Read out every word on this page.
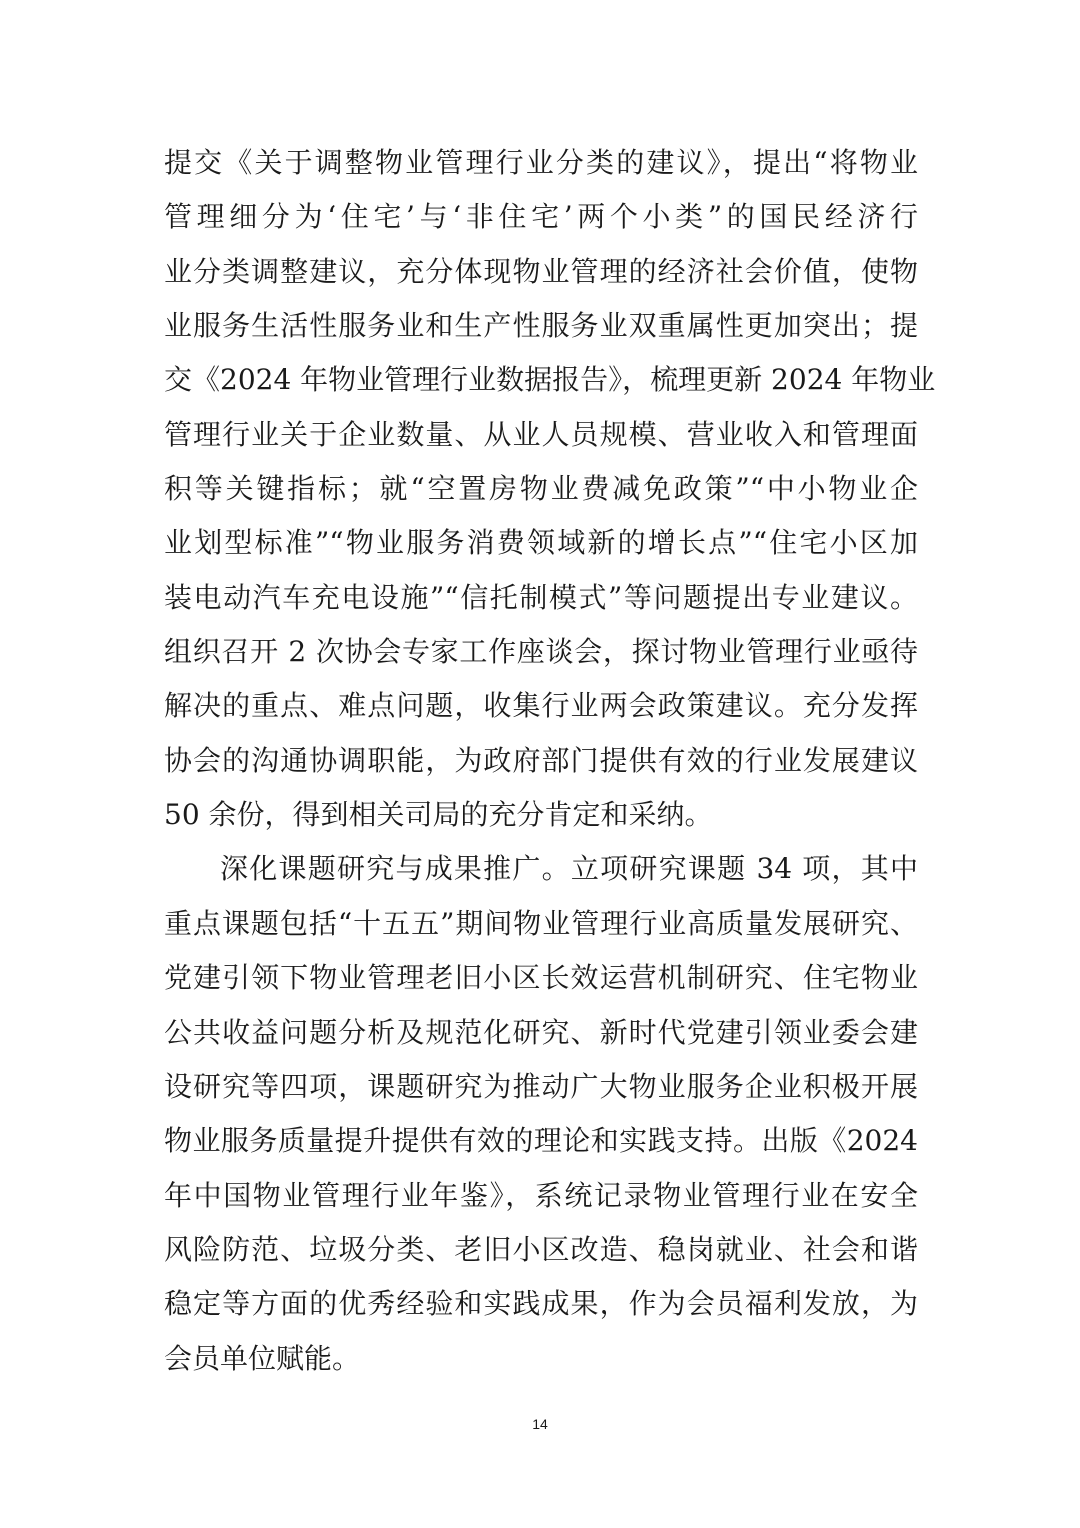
提交《关于调整物业管理行业分类的建议》，提出“将物业
管理细分为‘住宅’与‘非住宅’两个小类”的国民经济行
业分类调整建议，充分体现物业管理的经济社会价值，使物
业服务生活性服务业和生产性服务业双重属性更加突出；提
交《2024 年物业管理行业数据报告》，梳理更新 2024 年物业
管理行业关于企业数量、从业人员规模、营业收入和管理面
积等关键指标；就“空置房物业费减免政策”“中小物业企
业划型标准”“物业服务消费领域新的增长点”“住宅小区加
装电动汽车充电设施”“信托制模式”等问题提出专业建议。
组织召开 2 次协会专家工作座谈会，探讨物业管理行业亟待
解决的重点、难点问题，收集行业两会政策建议。充分发挥
协会的沟通协调职能，为政府部门提供有效的行业发展建议
50 余份，得到相关司局的充分肯定和采纳。
深化课题研究与成果推广。立项研究课题 34 项，其中
重点课题包括“十五五”期间物业管理行业高质量发展研究、
党建引领下物业管理老旧小区长效运营机制研究、住宅物业
公共收益问题分析及规范化研究、新时代党建引领业委会建
设研究等四项，课题研究为推动广大物业服务企业积极开展
物业服务质量提升提供有效的理论和实践支持。出版《2024
年中国物业管理行业年鉴》，系统记录物业管理行业在安全
风险防范、垃圾分类、老旧小区改造、稳岗就业、社会和谐
稳定等方面的优秀经验和实践成果，作为会员福利发放，为
会员单位赋能。
14
